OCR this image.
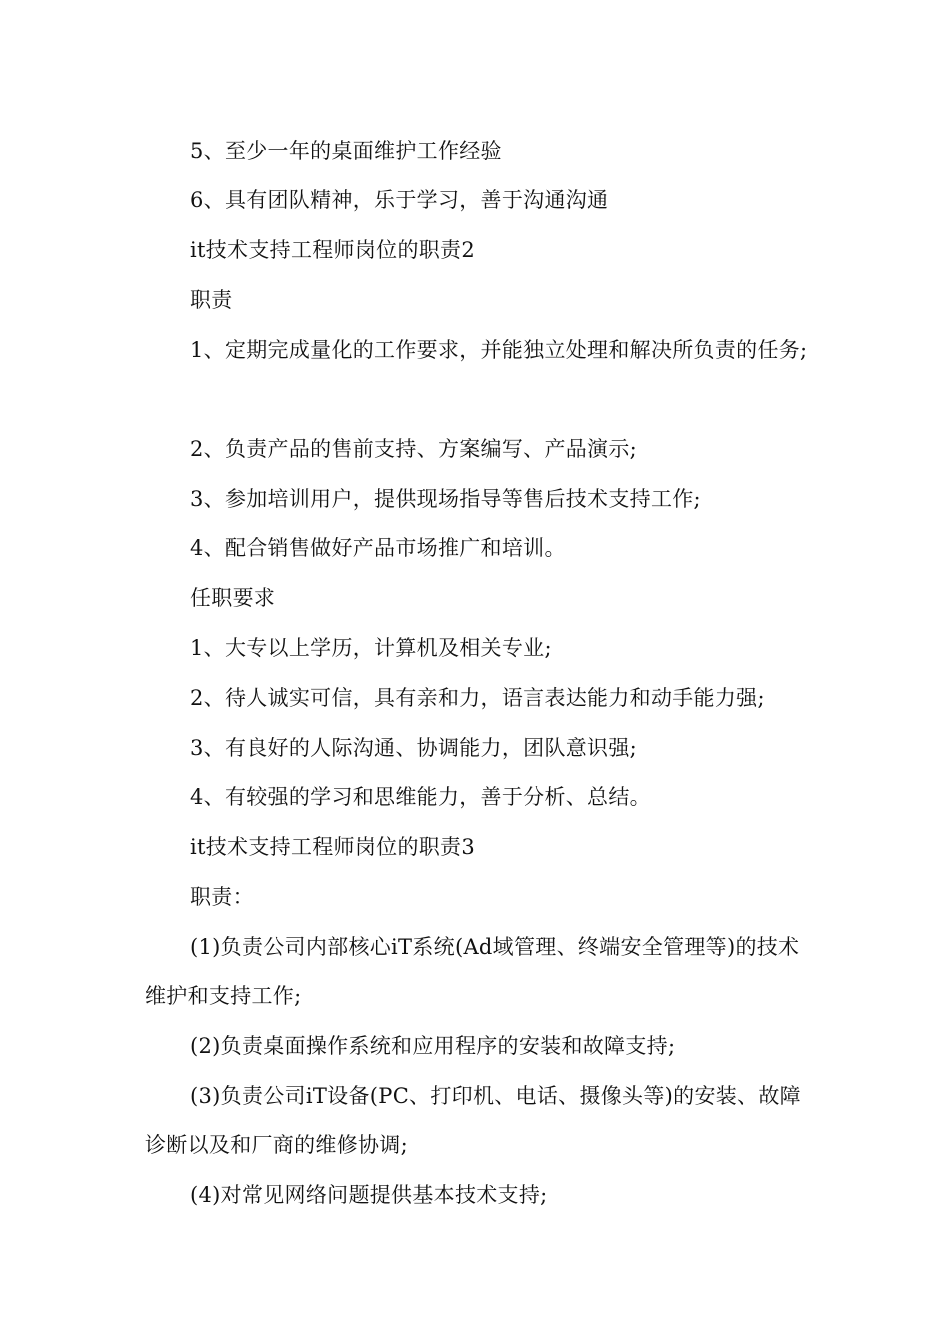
5、至少一年的桌面维护工作经验

6、具有团队精神，乐于学习，善于沟通沟通

it技术支持工程师岗位的职责2

职责

1、定期完成量化的工作要求，并能独立处理和解决所负责的任务;

2、负责产品的售前支持、方案编写、产品演示;

3、参加培训用户，提供现场指导等售后技术支持工作;

4、配合销售做好产品市场推广和培训。

任职要求

1、大专以上学历，计算机及相关专业;

2、待人诚实可信，具有亲和力，语言表达能力和动手能力强;

3、有良好的人际沟通、协调能力，团队意识强;

4、有较强的学习和思维能力，善于分析、总结。

it技术支持工程师岗位的职责3

职责：

(1)负责公司内部核心iT系统(Ad域管理、终端安全管理等)的技术维护和支持工作;

(2)负责桌面操作系统和应用程序的安装和故障支持;

(3)负责公司iT设备(PC、打印机、电话、摄像头等)的安装、故障诊断以及和厂商的维修协调;

(4)对常见网络问题提供基本技术支持;
